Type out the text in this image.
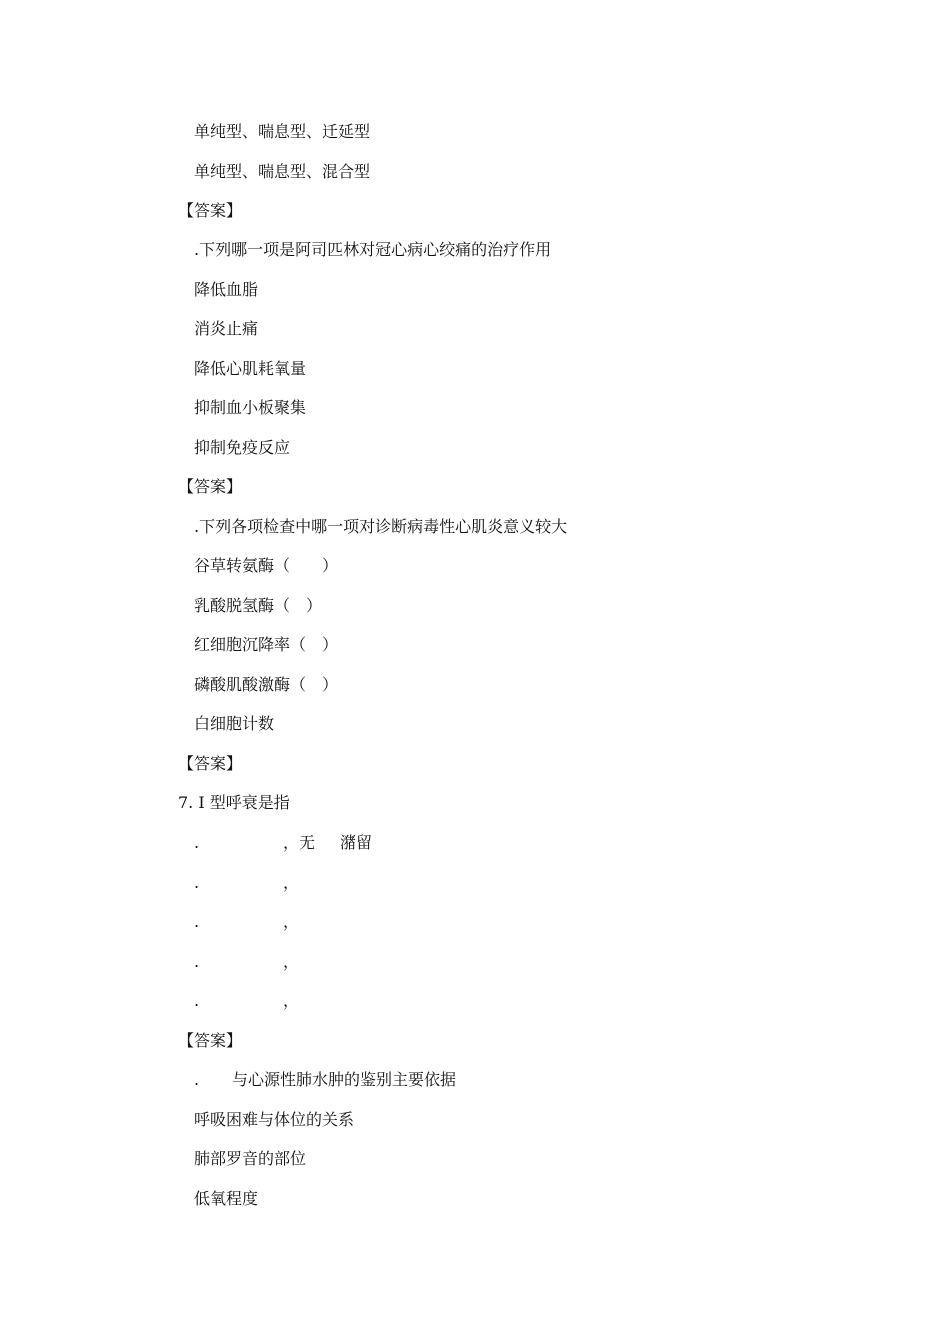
单纯型、喘息型、迁延型
单纯型、喘息型、混合型
【答案】
.下列哪一项是阿司匹林对冠心病心绞痛的治疗作用
降低血脂
消炎止痛
降低心肌耗氧量
抑制血小板聚集
抑制免疫反应
【答案】
.下列各项检查中哪一项对诊断病毒性心肌炎意义较大
谷草转氨酶（　　）
乳酸脱氢酶（　）
红细胞沉降率（　）
磷酸肌酸激酶（　）
白细胞计数
【答案】
7. I 型呼衰是指
.	，无 潴留
.	，
.	，
.	，
.	，
【答案】
. 与心源性肺水肿的鉴别主要依据
呼吸困难与体位的关系
肺部罗音的部位
低氧程度
